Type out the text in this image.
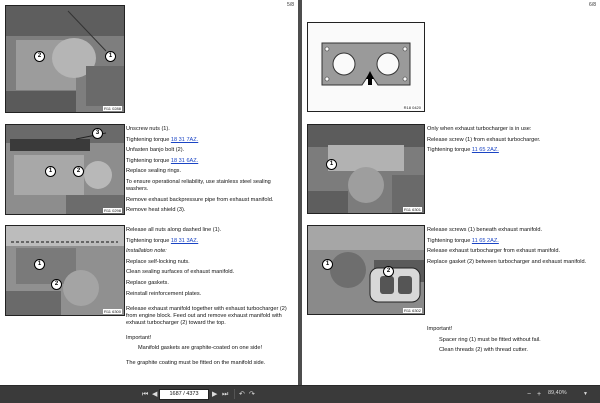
5/8
2	1
R11 0288
1	2
3
R11 0298
1
2
R11 6300

Unscrew nuts (1).

Tightening torque 18 31 7AZ.

Unfasten banjo bolt (2).

Tightening torque 18 31 6AZ.

Replace sealing rings.

To ensure operational reliability, use stainless steel sealing washers.

Remove exhaust backpressure pipe from exhaust manifold.

Remove heat shield (3).

Release all nuts along dashed line (1).

Tightening torque 18 31 3AZ.

Installation note:

Replace self-locking nuts.

Clean sealing surfaces of exhaust manifold.

Replace gaskets.

Reinstall reinforcement plates.

Release exhaust manifold together with exhaust turbocharger (2) from engine block. Feed out and remove exhaust manifold with exhaust turbocharger (2) toward the top.

Important!

Manifold gaskets are graphite-coated on one side!

The graphite coating must be fitted on the manifold side.

6/8
R18 0420
1
R11 6301
1
2
R11 6302

Only when exhaust turbocharger is in use:

Release screw (1) from exhaust turbocharger.

Tightening torque 11 65 2AZ.

Release screws (1) beneath exhaust manifold.

Tightening torque 11 65 2AZ.

Release exhaust turbocharger from exhaust manifold.

Replace gasket (2) between turbocharger and exhaust manifold.

Important!

Spacer ring (1) must be fitted without fail.

Clean threads (2) with thread cutter.

⏮ ◀	1687 / 4373	▶ ⏭ ↶ ↷	− + 89,40%	▼
